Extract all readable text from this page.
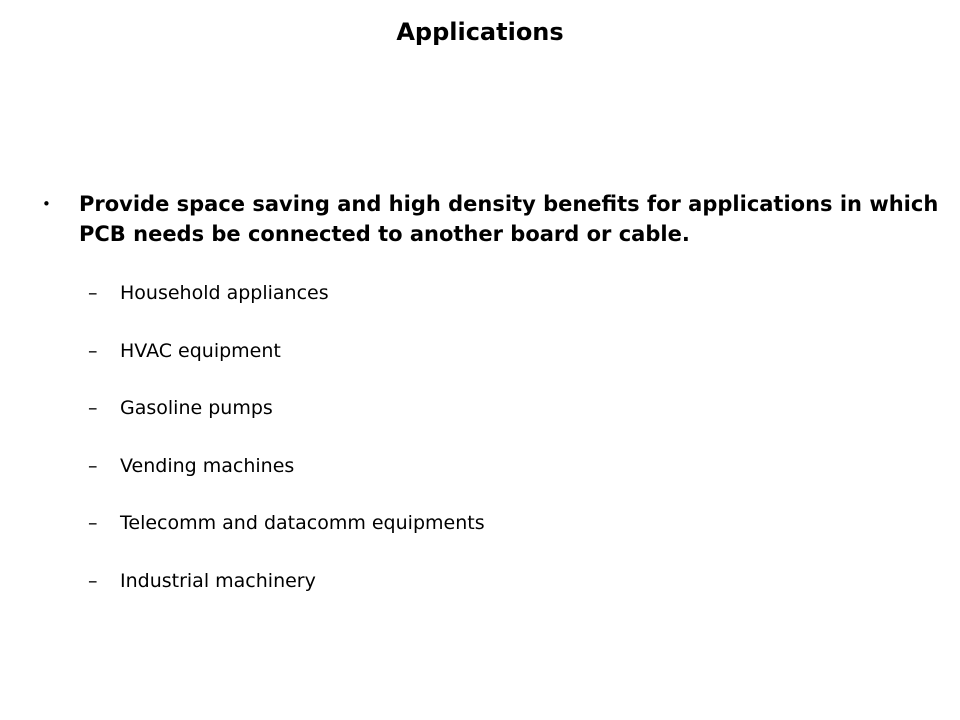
Applications
• Provide space saving and high density benefits for applications in which PCB needs be connected to another board or cable.

–	Household appliances
–	HVAC equipment
–	Gasoline pumps
–	Vending machines
–	Telecomm and datacomm equipments
–	Industrial machinery
